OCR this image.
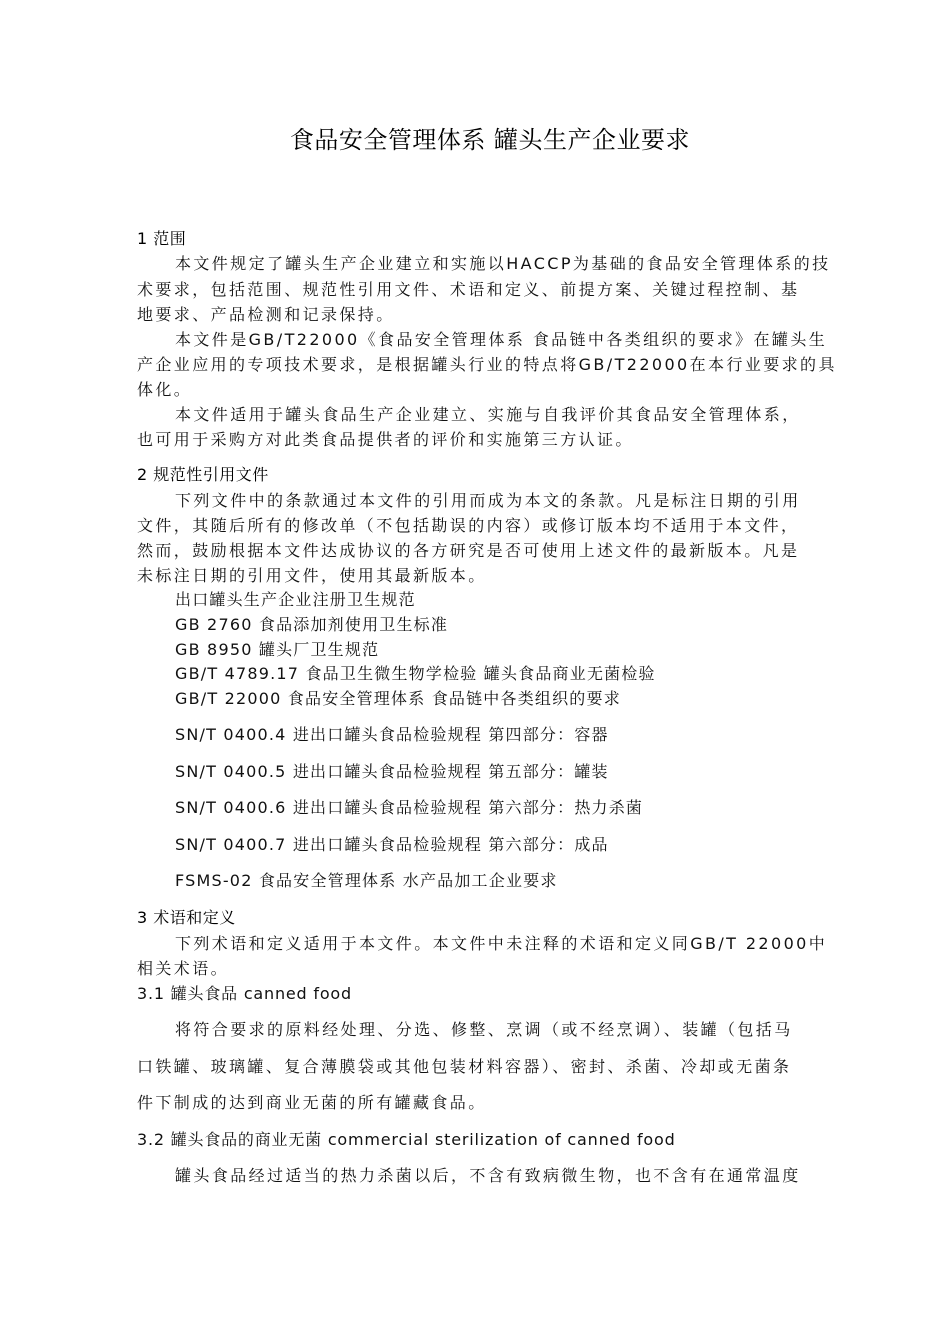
食品安全管理体系 罐头生产企业要求
1 范围
本文件规定了罐头生产企业建立和实施以HACCP为基础的食品安全管理体系的技
术要求，包括范围、规范性引用文件、术语和定义、前提方案、关键过程控制、基
地要求、产品检测和记录保持。
本文件是GB/T22000《食品安全管理体系 食品链中各类组织的要求》在罐头生
产企业应用的专项技术要求，是根据罐头行业的特点将GB/T22000在本行业要求的具
体化。
本文件适用于罐头食品生产企业建立、实施与自我评价其食品安全管理体系，
也可用于采购方对此类食品提供者的评价和实施第三方认证。
2 规范性引用文件
下列文件中的条款通过本文件的引用而成为本文的条款。凡是标注日期的引用
文件，其随后所有的修改单（不包括勘误的内容）或修订版本均不适用于本文件，
然而，鼓励根据本文件达成协议的各方研究是否可使用上述文件的最新版本。凡是
未标注日期的引用文件，使用其最新版本。
出口罐头生产企业注册卫生规范
GB 2760 食品添加剂使用卫生标准
GB 8950 罐头厂卫生规范
GB/T 4789.17 食品卫生微生物学检验 罐头食品商业无菌检验
GB/T 22000 食品安全管理体系 食品链中各类组织的要求
SN/T 0400.4 进出口罐头食品检验规程 第四部分：容器
SN/T 0400.5 进出口罐头食品检验规程 第五部分：罐装
SN/T 0400.6 进出口罐头食品检验规程 第六部分：热力杀菌
SN/T 0400.7 进出口罐头食品检验规程 第六部分：成品
FSMS-02 食品安全管理体系 水产品加工企业要求
3 术语和定义
下列术语和定义适用于本文件。本文件中未注释的术语和定义同GB/T 22000中
相关术语。
3.1 罐头食品 canned food
将符合要求的原料经处理、分选、修整、烹调（或不经烹调）、装罐（包括马
口铁罐、玻璃罐、复合薄膜袋或其他包装材料容器）、密封、杀菌、冷却或无菌条
件下制成的达到商业无菌的所有罐藏食品。
3.2 罐头食品的商业无菌 commercial sterilization of canned food
罐头食品经过适当的热力杀菌以后，不含有致病微生物，也不含有在通常温度
